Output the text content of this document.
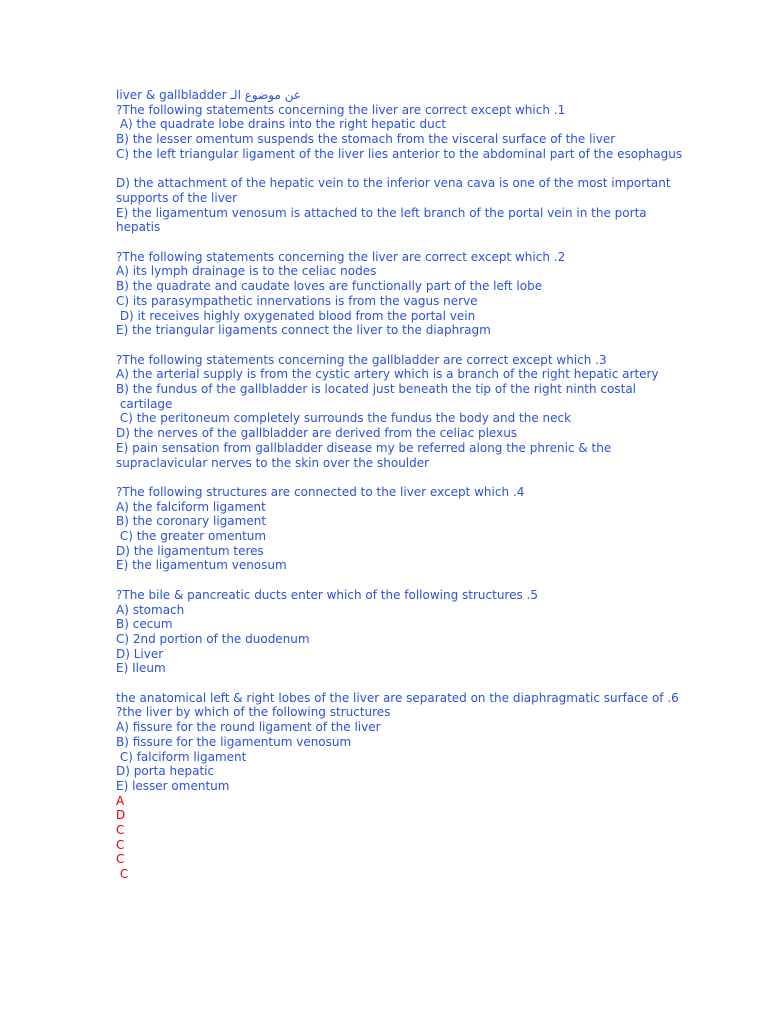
liver & gallbladder عن موضوع الـ
?The following statements concerning the liver are correct except which .1
A) the quadrate lobe drains into the right hepatic duct
B) the lesser omentum suspends the stomach from the visceral surface of the liver
C) the left triangular ligament of the liver lies anterior to the abdominal part of the esophagus
D) the attachment of the hepatic vein to the inferior vena cava is one of the most important
supports of the liver
E) the ligamentum venosum is attached to the left branch of the portal vein in the porta
hepatis
?The following statements concerning the liver are correct except which .2
A) its lymph drainage is to the celiac nodes
B) the quadrate and caudate loves are functionally part of the left lobe
C) its parasympathetic innervations is from the vagus nerve
D) it receives highly oxygenated blood from the portal vein
E) the triangular ligaments connect the liver to the diaphragm
?The following statements concerning the gallbladder are correct except which .3
A) the arterial supply is from the cystic artery which is a branch of the right hepatic artery
B) the fundus of the gallbladder is located just beneath the tip of the right ninth costal
cartilage
C) the peritoneum completely surrounds the fundus the body and the neck
D) the nerves of the gallbladder are derived from the celiac plexus
E) pain sensation from gallbladder disease my be referred along the phrenic & the
supraclavicular nerves to the skin over the shoulder
?The following structures are connected to the liver except which .4
A) the falciform ligament
B) the coronary ligament
C) the greater omentum
D) the ligamentum teres
E) the ligamentum venosum
?The bile & pancreatic ducts enter which of the following structures .5
A) stomach
B) cecum
C) 2nd portion of the duodenum
D) Liver
E) Ileum
the anatomical left & right lobes of the liver are separated on the diaphragmatic surface of .6
?the liver by which of the following structures
A) fissure for the round ligament of the liver
B) fissure for the ligamentum venosum
C) falciform ligament
D) porta hepatic
E) lesser omentum
A
D
C
C
C
C
